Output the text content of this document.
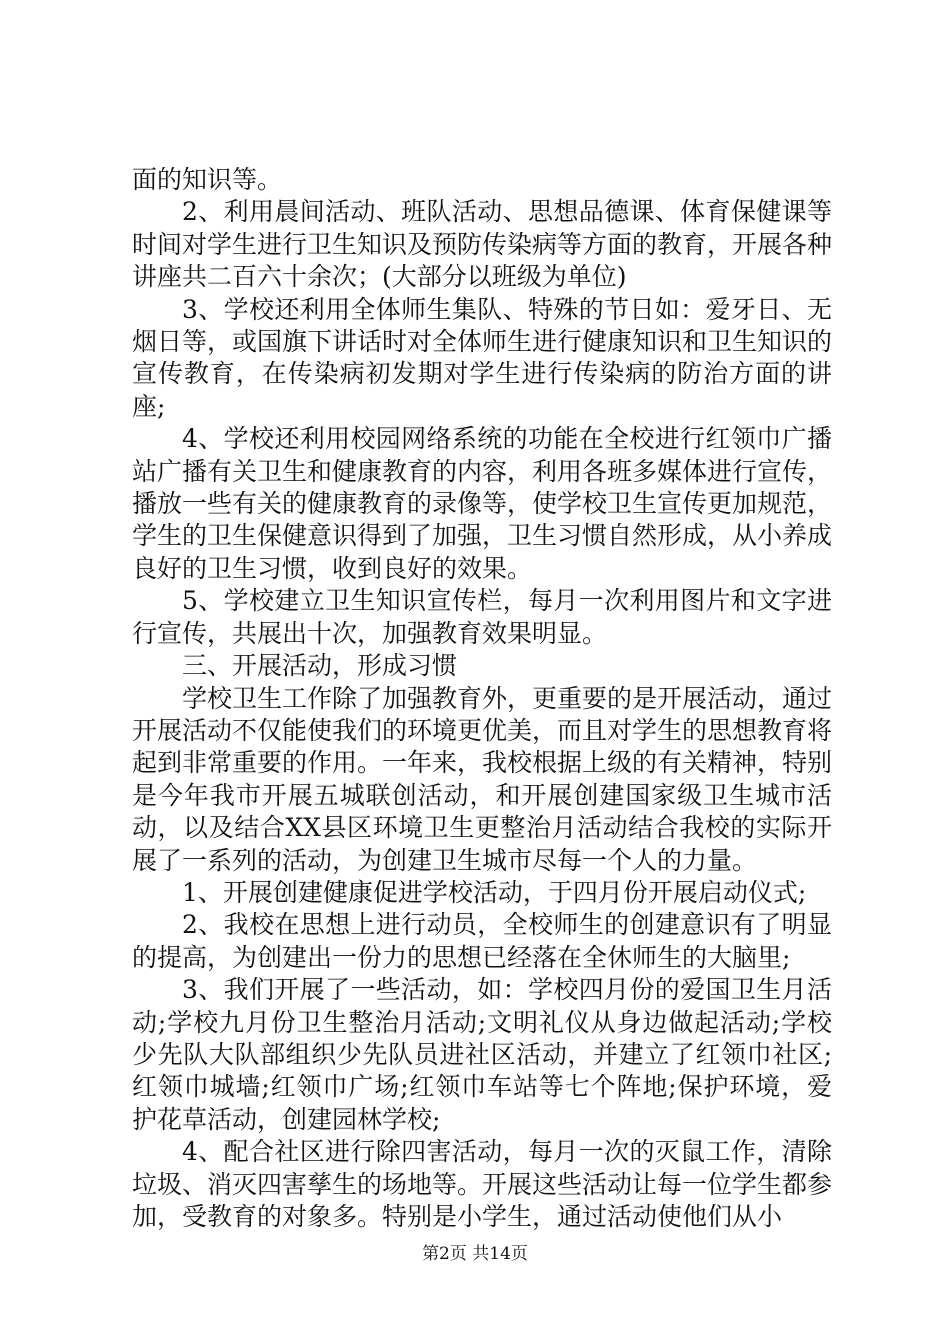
面的知识等。

2、利用晨间活动、班队活动、思想品德课、体育保健课等时间对学生进行卫生知识及预防传染病等方面的教育，开展各种讲座共二百六十余次；(大部分以班级为单位)

3、学校还利用全体师生集队、特殊的节日如：爱牙日、无烟日等，或国旗下讲话时对全体师生进行健康知识和卫生知识的宣传教育，在传染病初发期对学生进行传染病的防治方面的讲座;

4、学校还利用校园网络系统的功能在全校进行红领巾广播站广播有关卫生和健康教育的内容，利用各班多媒体进行宣传，播放一些有关的健康教育的录像等，使学校卫生宣传更加规范，学生的卫生保健意识得到了加强，卫生习惯自然形成，从小养成良好的卫生习惯，收到良好的效果。

5、学校建立卫生知识宣传栏，每月一次利用图片和文字进行宣传，共展出十次，加强教育效果明显。

三、开展活动，形成习惯

学校卫生工作除了加强教育外，更重要的是开展活动，通过开展活动不仅能使我们的环境更优美，而且对学生的思想教育将起到非常重要的作用。一年来，我校根据上级的有关精神，特别是今年我市开展五城联创活动，和开展创建国家级卫生城市活动，以及结合XX县区环境卫生更整治月活动结合我校的实际开展了一系列的活动，为创建卫生城市尽每一个人的力量。

1、开展创建健康促进学校活动，于四月份开展启动仪式;

2、我校在思想上进行动员，全校师生的创建意识有了明显的提高，为创建出一份力的思想已经落在全休师生的大脑里;

3、我们开展了一些活动，如：学校四月份的爱国卫生月活动;学校九月份卫生整治月活动;文明礼仪从身边做起活动;学校少先队大队部组织少先队员进社区活动，并建立了红领巾社区;红领巾城墙;红领巾广场;红领巾车站等七个阵地;保护环境，爱护花草活动，创建园林学校;

4、配合社区进行除四害活动，每月一次的灭鼠工作，清除垃圾、消灭四害孳生的场地等。开展这些活动让每一位学生都参加，受教育的对象多。特别是小学生，通过活动使他们从小

第2页 共14页
